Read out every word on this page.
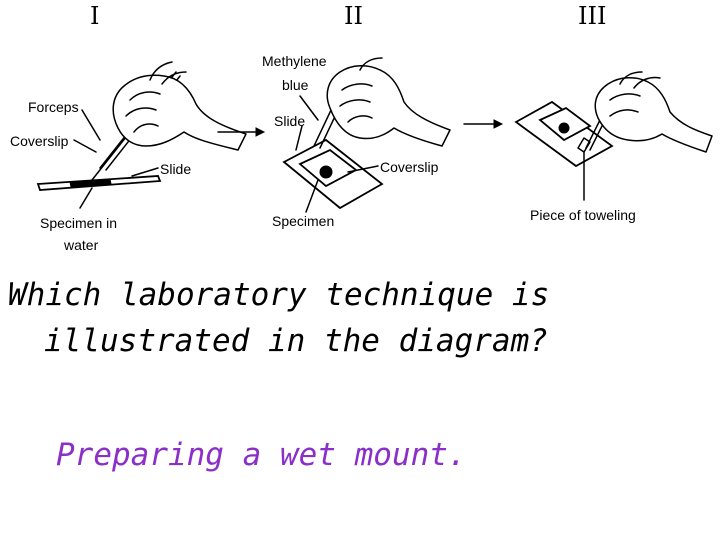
I	II	III
Forceps
Coverslip
Slide
Specimen in
water
Methylene
blue
Slide
Coverslip
Specimen	Piece of toweling
Which laboratory technique is
illustrated in the diagram?
Preparing a wet mount.
